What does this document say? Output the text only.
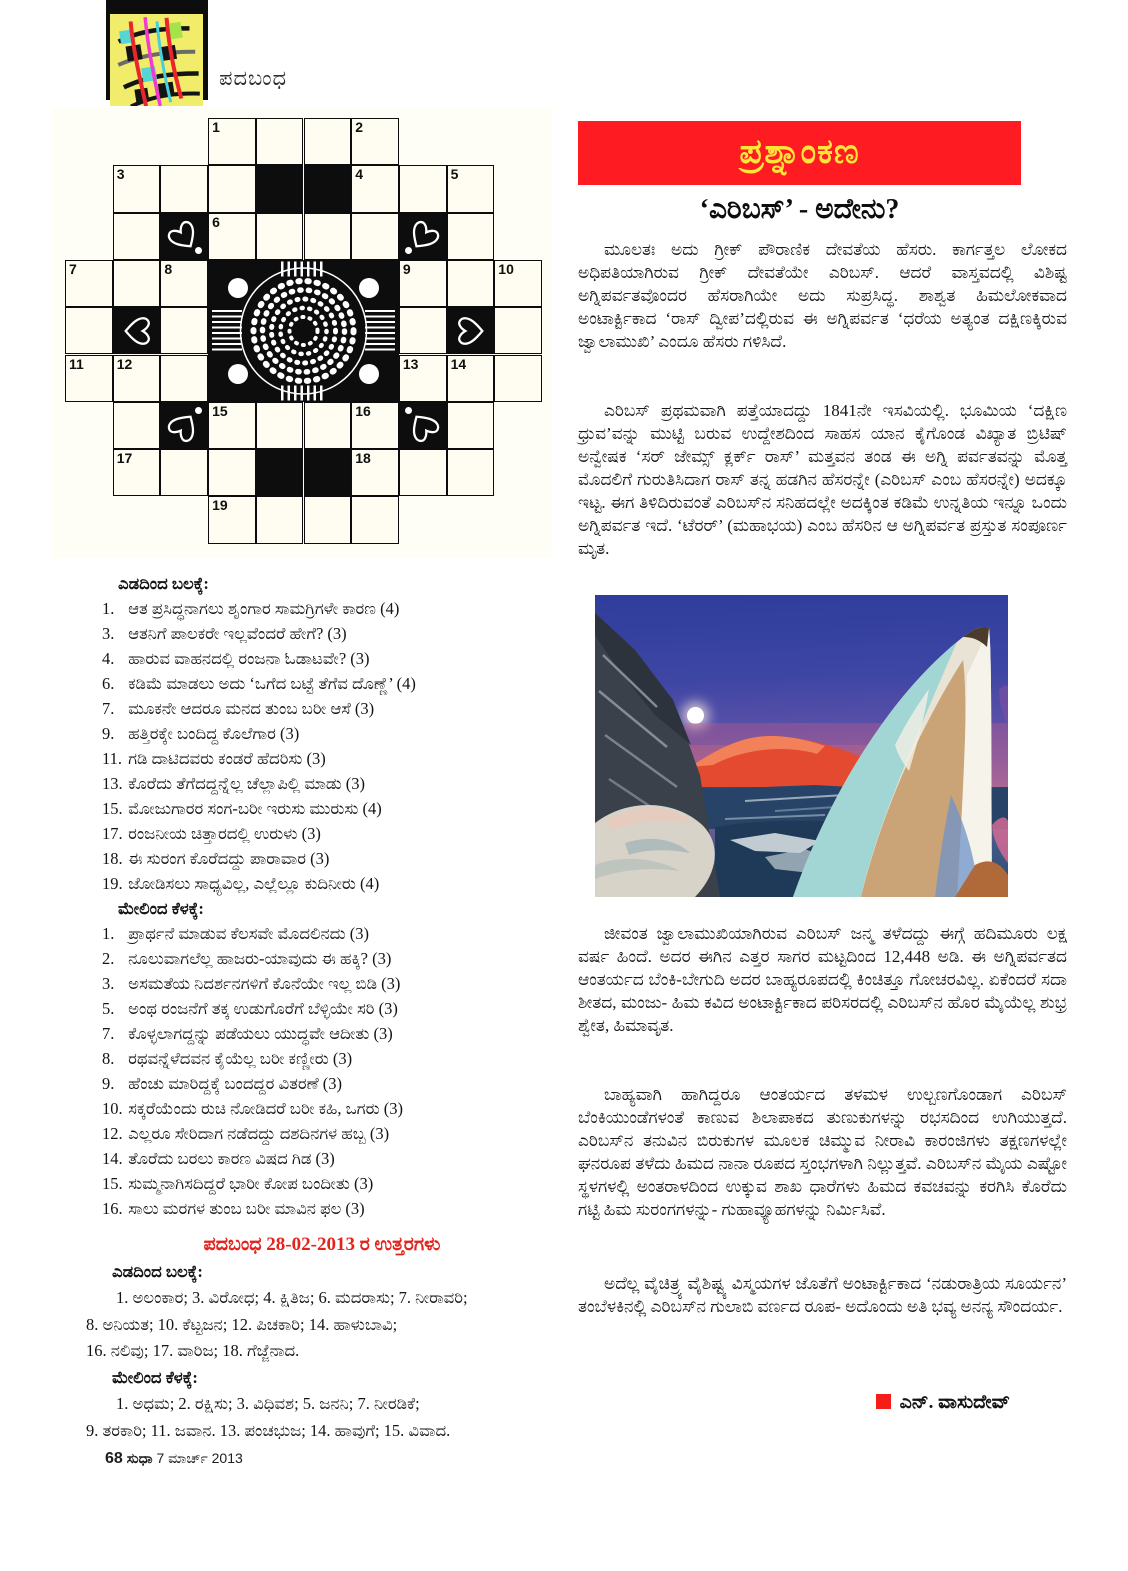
ಪದಬಂಧ
1	2
3	4	5
6
7	8	9	10
11 12	13 14
15	16
17	18
19
ಎಡದಿಂದ ಬಲಕ್ಕೆ:
1. ಆತ ಪ್ರಸಿದ್ಧನಾಗಲು ಶೃಂಗಾರ ಸಾಮಗ್ರಿಗಳೇ ಕಾರಣ (4)
3. ಆತನಿಗೆ ಪಾಲಕರೇ ಇಲ್ಲವೆಂದರೆ ಹೇಗೆ? (3)
4. ಹಾರುವ ವಾಹನದಲ್ಲಿ ರಂಜನಾ ಓಡಾಟವೇ? (3)
6. ಕಡಿಮೆ ಮಾಡಲು ಅದು ‘ಒಗೆದ ಬಟ್ಟೆ ತೆಗೆವ ದೊಣ್ಣೆ’ (4)
7. ಮೂಕನೇ ಆದರೂ ಮನದ ತುಂಬ ಬರೀ ಆಸೆ (3)
9. ಹತ್ತಿರಕ್ಕೇ ಬಂದಿದ್ದ ಕೊಲೆಗಾರ (3)
11. ಗಡಿ ದಾಟಿದವರು ಕಂಡರೆ ಹೆದರಿಸು (3)
13. ಕೊರೆದು ತೆಗೆದದ್ದನ್ನೆಲ್ಲ ಚೆಲ್ಲಾಪಿಲ್ಲಿ ಮಾಡು (3)
15. ಮೋಜುಗಾರರ ಸಂಗ-ಬರೀ ಇರುಸು ಮುರುಸು (4)
17. ರಂಜನೀಯ ಚಿತ್ತಾರದಲ್ಲಿ ಉರುಳು (3)
18. ಈ ಸುರಂಗ ಕೊರೆದದ್ದು ಪಾರಾವಾರ (3)
19. ಜೋಡಿಸಲು ಸಾಧ್ಯವಿಲ್ಲ, ಎಲ್ಲೆಲ್ಲೂ ಕುದಿನೀರು (4)
ಮೇಲಿಂದ ಕೆಳಕ್ಕೆ:
1. ಪ್ರಾರ್ಥನೆ ಮಾಡುವ ಕೆಲಸವೇ ಮೊದಲಿನದು (3)
2. ನೂಲುವಾಗಲೆಲ್ಲ ಹಾಜರು-ಯಾವುದು ಈ ಹಕ್ಕಿ? (3)
3. ಅಸಮತೆಯ ನಿದರ್ಶನಗಳಿಗೆ ಕೊನೆಯೇ ಇಲ್ಲ ಬಿಡಿ (3)
5. ಅಂಥ ರಂಜನೆಗೆ ತಕ್ಕ ಉಡುಗೊರೆಗೆ ಬೆಳ್ಳಿಯೇ ಸರಿ (3)
7. ಕೊಳ್ಳಲಾಗದ್ದನ್ನು ಪಡೆಯಲು ಯುದ್ಧವೇ ಆದೀತು (3)
8. ರಥವನ್ನೆಳೆದವನ ಕೈಯೆಲ್ಲ ಬರೀ ಕಣ್ಣೀರು (3)
9. ಹೆಂಚು ಮಾರಿದ್ದಕ್ಕೆ ಬಂದದ್ದರ ವಿತರಣೆ (3)
10. ಸಕ್ಕರೆಯೆಂದು ರುಚಿ ನೋಡಿದರೆ ಬರೀ ಕಹಿ, ಒಗರು (3)
12. ಎಲ್ಲರೂ ಸೇರಿದಾಗ ನಡೆದದ್ದು ದಶದಿನಗಳ ಹಬ್ಬ (3)
14. ತೊರೆದು ಬರಲು ಕಾರಣ ವಿಷದ ಗಿಡ (3)
15. ಸುಮ್ಮನಾಗಿಸದಿದ್ದರೆ ಭಾರೀ ಕೋಪ ಬಂದೀತು (3)
16. ಸಾಲು ಮರಗಳ ತುಂಬ ಬರೀ ಮಾವಿನ ಫಲ (3)
ಪದಬಂಧ 28-02-2013 ರ ಉತ್ತರಗಳು
ಎಡದಿಂದ ಬಲಕ್ಕೆ:
1. ಅಲಂಕಾರ; 3. ವಿರೋಧ; 4. ಕ್ಷಿತಿಜ; 6. ಮದರಾಸು; 7. ನೀರಾವರಿ;
8. ಅನಿಯತ; 10. ಕೆಟ್ಟಜನ; 12. ಪಿಚಕಾರಿ; 14. ಹಾಳುಬಾವಿ;
16. ನಲಿವು; 17. ವಾರಿಜ; 18. ಗೆಜ್ಜೆನಾದ.
ಮೇಲಿಂದ ಕೆಳಕ್ಕೆ:
1. ಅಧಮ; 2. ರಕ್ಷಿಸು; 3. ವಿಧಿವಶ; 5. ಜನನಿ; 7. ನೀರಡಿಕೆ;
9. ತರಕಾರಿ; 11. ಜವಾನ. 13. ಪಂಚಭುಜ; 14. ಹಾವುಗೆ; 15. ವಿವಾದ.
ಪ್ರಶ್ನಾಂಕಣ
‘ಎರಿಬಸ್’ - ಅದೇನು?
ಮೂಲತಃ ಅದು ಗ್ರೀಕ್ ಪೌರಾಣಿಕ ದೇವತೆಯ ಹೆಸರು. ಕಾರ್ಗತ್ತಲ ಲೋಕದ ಅಧಿಪತಿಯಾಗಿರುವ ಗ್ರೀಕ್ ದೇವತೆಯೇ ಎರಿಬಸ್. ಆದರೆ ವಾಸ್ತವದಲ್ಲಿ ವಿಶಿಷ್ಟ ಅಗ್ನಿಪರ್ವತವೊಂದರ ಹೆಸರಾಗಿಯೇ ಅದು ಸುಪ್ರಸಿದ್ಧ. ಶಾಶ್ವತ ಹಿಮಲೋಕವಾದ ಅಂಟಾರ್ಕ್ಟಿಕಾದ ‘ರಾಸ್ ದ್ವೀಪ’ದಲ್ಲಿರುವ ಈ ಅಗ್ನಿಪರ್ವತ ‘ಧರೆಯ ಅತ್ಯಂತ ದಕ್ಷಿಣಕ್ಕಿರುವ ಜ್ವಾಲಾಮುಖಿ’ ಎಂದೂ ಹೆಸರು ಗಳಿಸಿದೆ.
ಎರಿಬಸ್ ಪ್ರಥಮವಾಗಿ ಪತ್ತೆಯಾದದ್ದು 1841ನೇ ಇಸವಿಯಲ್ಲಿ. ಭೂಮಿಯ ‘ದಕ್ಷಿಣ ಧ್ರುವ’ವನ್ನು ಮುಟ್ಟಿ ಬರುವ ಉದ್ದೇಶದಿಂದ ಸಾಹಸ ಯಾನ ಕೈಗೊಂಡ ವಿಖ್ಯಾತ ಬ್ರಿಟಿಷ್ ಅನ್ವೇಷಕ ‘ಸರ್ ಜೇಮ್ಸ್ ಕ್ಲರ್ಕ್ ರಾಸ್’ ಮತ್ತವನ ತಂಡ ಈ ಅಗ್ನಿ ಪರ್ವತವನ್ನು ಮೊತ್ತ ಮೊದಲಿಗೆ ಗುರುತಿಸಿದಾಗ ರಾಸ್ ತನ್ನ ಹಡಗಿನ ಹೆಸರನ್ನೇ (ಎರಿಬಸ್ ಎಂಬ ಹೆಸರನ್ನೇ) ಅದಕ್ಕೂ ಇಟ್ಟ. ಈಗ ತಿಳಿದಿರುವಂತೆ ಎರಿಬಸ್‌ನ ಸನಿಹದಲ್ಲೇ ಅದಕ್ಕಿಂತ ಕಡಿಮೆ ಉನ್ನತಿಯ ಇನ್ನೂ ಒಂದು ಅಗ್ನಿಪರ್ವತ ಇದೆ. ‘ಟೆರರ್’ (ಮಹಾಭಯ) ಎಂಬ ಹೆಸರಿನ ಆ ಅಗ್ನಿಪರ್ವತ ಪ್ರಸ್ತುತ ಸಂಪೂರ್ಣ ಮೃತ.
ಜೀವಂತ ಜ್ವಾಲಾಮುಖಿಯಾಗಿರುವ ಎರಿಬಸ್ ಜನ್ಮ ತಳೆದದ್ದು ಈಗ್ಗೆ ಹದಿಮೂರು ಲಕ್ಷ ವರ್ಷ ಹಿಂದೆ. ಅದರ ಈಗಿನ ಎತ್ತರ ಸಾಗರ ಮಟ್ಟದಿಂದ 12,448 ಅಡಿ. ಈ ಅಗ್ನಿಪರ್ವತದ ಆಂತರ್ಯದ ಬೆಂಕಿ-ಬೇಗುದಿ ಅದರ ಬಾಹ್ಯರೂಪದಲ್ಲಿ ಕಿಂಚಿತ್ತೂ ಗೋಚರವಿಲ್ಲ. ಏಕೆಂದರೆ ಸದಾ ಶೀತದ, ಮಂಜು- ಹಿಮ ಕವಿದ ಅಂಟಾರ್ಕ್ಟಿಕಾದ ಪರಿಸರದಲ್ಲಿ ಎರಿಬಸ್‌ನ ಹೊರ ಮೈಯೆಲ್ಲ ಶುಭ್ರ ಶ್ವೇತ, ಹಿಮಾವೃತ.
ಬಾಹ್ಯವಾಗಿ ಹಾಗಿದ್ದರೂ ಆಂತರ್ಯದ ತಳಮಳ ಉಲ್ಬಣಗೊಂಡಾಗ ಎರಿಬಸ್ ಬೆಂಕಿಯುಂಡೆಗಳಂತೆ ಕಾಣುವ ಶಿಲಾಪಾಕದ ತುಣುಕುಗಳನ್ನು ರಭಸದಿಂದ ಉಗಿಯುತ್ತದೆ. ಎರಿಬಸ್‌ನ ತನುವಿನ ಬಿರುಕುಗಳ ಮೂಲಕ ಚಿಮ್ಮುವ ನೀರಾವಿ ಕಾರಂಜಿಗಳು ತಕ್ಷಣಗಳಲ್ಲೇ ಘನರೂಪ ತಳೆದು ಹಿಮದ ನಾನಾ ರೂಪದ ಸ್ತಂಭಗಳಾಗಿ ನಿಲ್ಲುತ್ತವೆ. ಎರಿಬಸ್‌ನ ಮೈಯ ಎಷ್ಟೋ ಸ್ಥಳಗಳಲ್ಲಿ ಅಂತರಾಳದಿಂದ ಉಕ್ಕುವ ಶಾಖ ಧಾರೆಗಳು ಹಿಮದ ಕವಚವನ್ನು ಕರಗಿಸಿ ಕೊರೆದು ಗಟ್ಟಿ ಹಿಮ ಸುರಂಗಗಳನ್ನು- ಗುಹಾವ್ಯೂಹಗಳನ್ನು ನಿರ್ಮಿಸಿವೆ.
ಅದೆಲ್ಲ ವೈಚಿತ್ರ್ಯ ವೈಶಿಷ್ಟ್ಯ ವಿಸ್ಮಯಗಳ ಜೊತೆಗೆ ಅಂಟಾರ್ಕ್ಟಿಕಾದ ‘ನಡುರಾತ್ರಿಯ ಸೂರ್ಯನ’ ತಂಬೆಳಕಿನಲ್ಲಿ ಎರಿಬಸ್‌ನ ಗುಲಾಬಿ ವರ್ಣದ ರೂಪ- ಅದೊಂದು ಅತಿ ಭವ್ಯ ಅನನ್ಯ ಸೌಂದರ್ಯ.
ಎನ್. ವಾಸುದೇವ್
68 ಸುಧಾ 7 ಮಾರ್ಚ್ 2013
